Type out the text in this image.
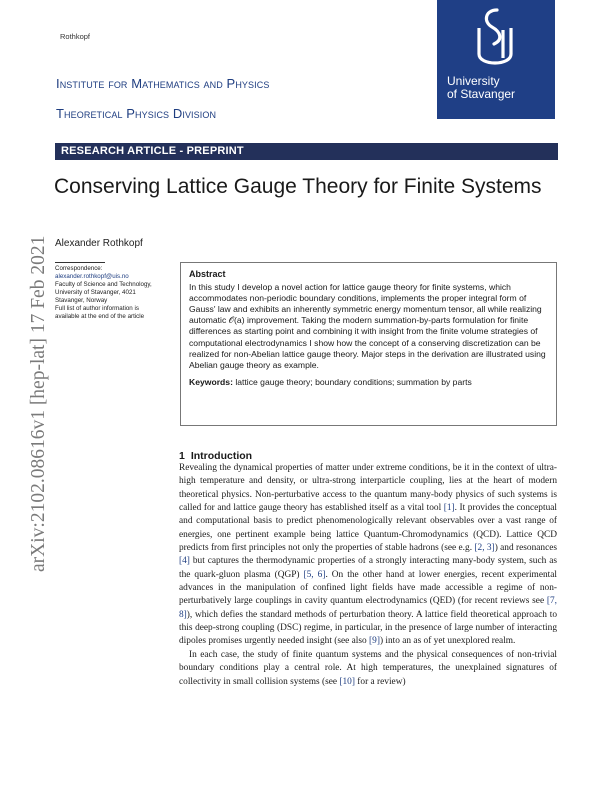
Rothkopf
Institute for Mathematics and Physics
Theoretical Physics Division
University
of Stavanger
RESEARCH ARTICLE - PREPRINT
Conserving Lattice Gauge Theory for Finite Systems
Alexander Rothkopf
arXiv:2102.08616v1 [hep-lat] 17 Feb 2021 Correspondence:
alexander.rothkopf@uis.no
Faculty of Science and Technology,
University of Stavanger, 4021
Stavanger, Norway
Full list of author information is
available at the end of the article
Abstract
In this study I develop a novel action for lattice gauge theory for finite systems, which accommodates non-periodic boundary conditions, implements the proper integral form of Gauss' law and exhibits an inherently symmetric energy momentum tensor, all while realizing automatic 𝒪(a) improvement. Taking the modern summation-by-parts formulation for finite differences as starting point and combining it with insight from the finite volume strategies of computational electrodynamics I show how the concept of a conserving discretization can be realized for non-Abelian lattice gauge theory. Major steps in the derivation are illustrated using Abelian gauge theory as example.
Keywords: lattice gauge theory; boundary conditions; summation by parts
1 Introduction

Revealing the dynamical properties of matter under extreme conditions, be it in the context of ultra-high temperature and density, or ultra-strong interparticle coupling, lies at the heart of modern theoretical physics. Non-perturbative access to the quantum many-body physics of such systems is called for and lattice gauge theory has established itself as a vital tool [1]. It provides the conceptual and computational basis to predict phenomenologically relevant observables over a vast range of energies, one pertinent example being lattice Quantum-Chromodynamics (QCD). Lattice QCD predicts from first principles not only the properties of stable hadrons (see e.g. [2, 3]) and resonances [4] but captures the thermodynamic properties of a strongly interacting many-body system, such as the quark-gluon plasma (QGP) [5, 6]. On the other hand at lower energies, recent experimental advances in the manipulation of confined light fields have made accessible a regime of non-perturbatively large couplings in cavity quantum electrodynamics (QED) (for recent reviews see [7, 8]), which defies the standard methods of perturbation theory. A lattice field theoretical approach to this deep-strong coupling (DSC) regime, in particular, in the presence of large number of interacting dipoles promises urgently needed insight (see also [9]) into an as of yet unexplored realm.

In each case, the study of finite quantum systems and the physical consequences of non-trivial boundary conditions play a central role. At high temperatures, the unexplained signatures of collectivity in small collision systems (see [10] for a review)
